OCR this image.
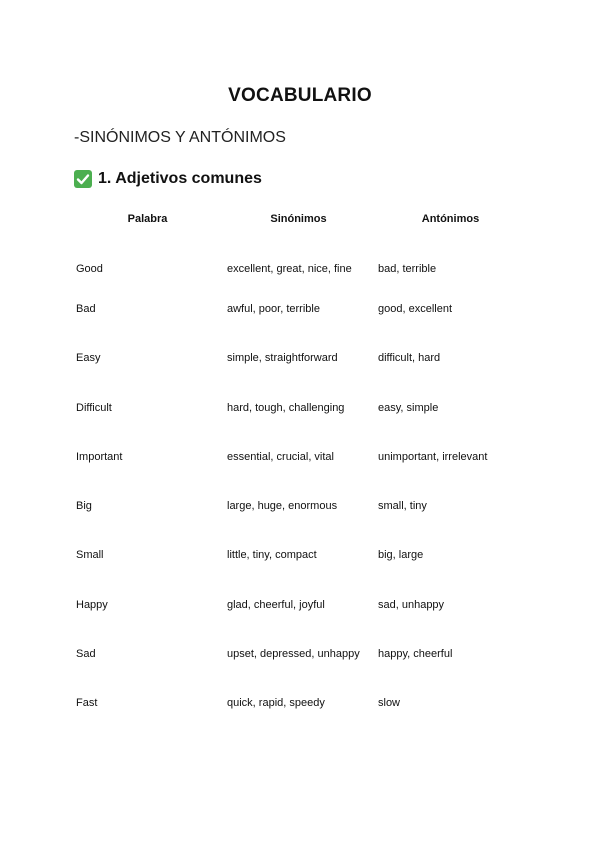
VOCABULARIO
-SINÓNIMOS Y ANTÓNIMOS
1. Adjetivos comunes
Palabra	Sinónimos	Antónimos
Good	excellent, great, nice, fine	bad, terrible
Bad	awful, poor, terrible	good, excellent
Easy	simple, straightforward	difficult, hard
Difficult	hard, tough, challenging	easy, simple
Important	essential, crucial, vital	unimportant, irrelevant
Big	large, huge, enormous	small, tiny
Small	little, tiny, compact	big, large
Happy	glad, cheerful, joyful	sad, unhappy
Sad	upset, depressed, unhappy	happy, cheerful
Fast	quick, rapid, speedy	slow
